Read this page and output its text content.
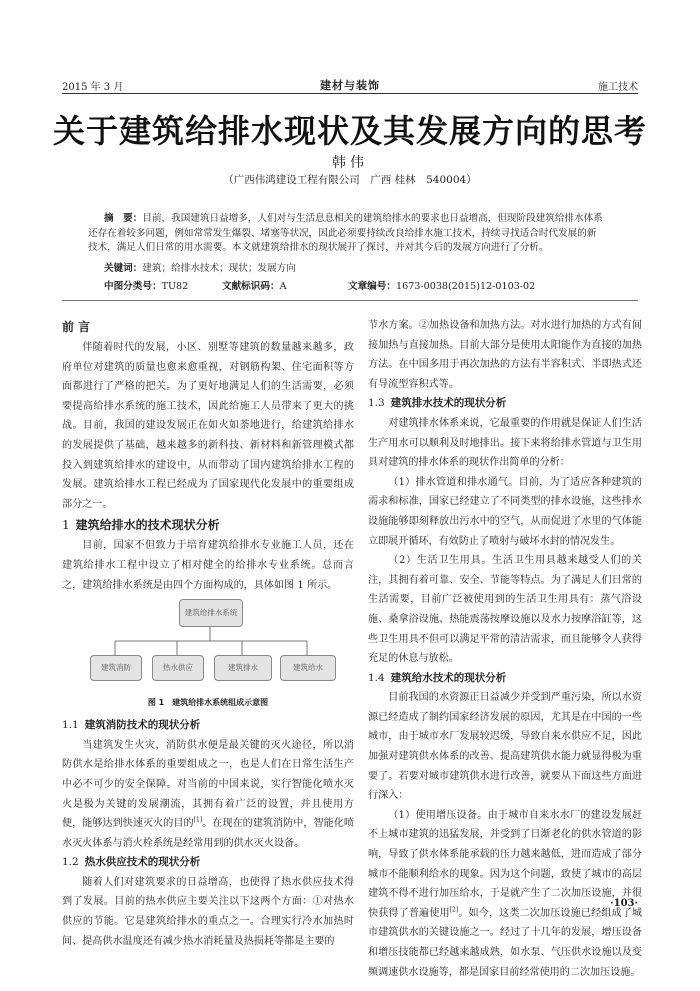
2015 年 3 月	建材与装饰	施工技术
关于建筑给排水现状及其发展方向的思考
韩伟
（广西伟鸿建设工程有限公司　广西 桂林　540004）

摘　要：目前，我国建筑日益增多，人们对与生活息息相关的建筑给排水的要求也日益增高，但现阶段建筑给排水体系

还存在着较多问题，例如常常发生爆裂、堵塞等状况，因此必须要持续改良给排水施工技术，持续寻找适合时代发展的新

技术，满足人们日常的用水需要。本文就建筑给排水的现状展开了探讨，并对其今后的发展方向进行了分析。

关键词：建筑；给排水技术；现状；发展方向
中图分类号：TU82	文献标识码：A	文章编号：1673-0038(2015)12-0103-02
前 言

伴随着时代的发展，小区、别墅等建筑的数量越来越多，政府单位对建筑的质量也愈来愈重视，对钢筋构架、住宅面积等方面都进行了严格的把关。为了更好地满足人们的生活需要，必须要提高给排水系统的施工技术，因此给施工人员带来了更大的挑战。目前，我国的建设发展正在如火如荼地进行，给建筑给排水的发展提供了基础，越来越多的新科技、新材料和新管理模式都投入到建筑给排水的建设中，从而带动了国内建筑给排水工程的发展。建筑给排水工程已经成为了国家现代化发展中的重要组成部分之一。

1 建筑给排水的技术现状分析

目前，国家不但致力于培育建筑给排水专业施工人员，还在建筑给排水工程中设立了相对健全的给排水专业系统。总而言之，建筑给排水系统是由四个方面构成的，具体如图 1 所示。

建筑给排水系统
建筑消防	热水供应	建筑排水	建筑给水
图 1　建筑给排水系统组成示意图
1.1 建筑消防技术的现状分析

当建筑发生火灾，消防供水便是最关键的灭火途径，所以消防供水是给排水体系的重要组成之一，也是人们在日常生活生产中必不可少的安全保障。对当前的中国来说，实行智能化喷水灭火是极为关键的发展潮流，其拥有着广泛的设置，并且使用方便，能够达到快速灭火的目的[1]。在现在的建筑消防中，智能化喷水灭火体系与消火栓系统是经常用到的供水灭火设备。

1.2 热水供应技术的现状分析

随着人们对建筑要求的日益增高，也使得了热水供应技术得到了发展。目前的热水供应主要关注以下这两个方面：①对热水供应的节能。它是建筑给排水的重点之一。合理实行冷水加热时间、提高供水温度还有减少热水消耗量及热损耗等都是主要的

节水方案。②加热设备和加热方法。对水进行加热的方式有间接加热与直接加热。目前大部分是使用太阳能作为直接的加热方法。在中国多用于再次加热的方法有半容积式、半即热式还有导流型容积式等。

1.3 建筑排水技术的现状分析

对建筑排水体系来说，它最重要的作用就是保证人们生活生产用水可以顺利及时地排出。接下来将给排水管道与卫生用具对建筑的排水体系的现状作出简单的分析：

（1）排水管道和排水通气。目前，为了适应各种建筑的需求和标准，国家已经建立了不同类型的排水设施，这些排水设施能够即刻释放出污水中的空气，从而促进了水里的气体能立即展开循环，有效防止了喷射与破坏水封的情况发生。

（2）生活卫生用具。生活卫生用具越来越受人们的关注，其拥有着可靠、安全、节能等特点。为了满足人们日常的生活需要，目前广泛被使用到的生活卫生用具有：蒸气浴设施、桑拿浴设施、热能震荡按摩设施以及水力按摩浴缸等，这些卫生用具不但可以满足平常的清洁需求，而且能够令人获得充足的休息与放松。

1.4 建筑给水技术的现状分析

目前我国的水资源正日益减少并受到严重污染，所以水资源已经造成了制约国家经济发展的原因，尤其是在中国的一些城市，由于城市水厂发展较迟缓，导致自来水供应不足，因此加强对建筑供水体系的改善、提高建筑供水能力就显得极为重要了。若要对城市建筑供水进行改善，就要从下面这些方面进行深入：

（1）使用增压设备。由于城市自来水水厂的建设发展赶不上城市建筑的迅猛发展，并受到了日渐老化的供水管道的影响，导致了供水体系能承载的压力越来越低，进而造成了部分城市不能顺利给水的现象。因为这个问题，致使了城市的高层建筑不得不进行加压给水，于是就产生了二次加压设施，并很快获得了普遍使用[2]。如今，这类二次加压设施已经组成了城市建筑供水的关键设施之一。经过了十几年的发展，增压设备和增压技能都已经越来越成熟，如水泵、气压供水设施以及变频调速供水设施等，都是国家目前经常使用的二次加压设施。

·103·
